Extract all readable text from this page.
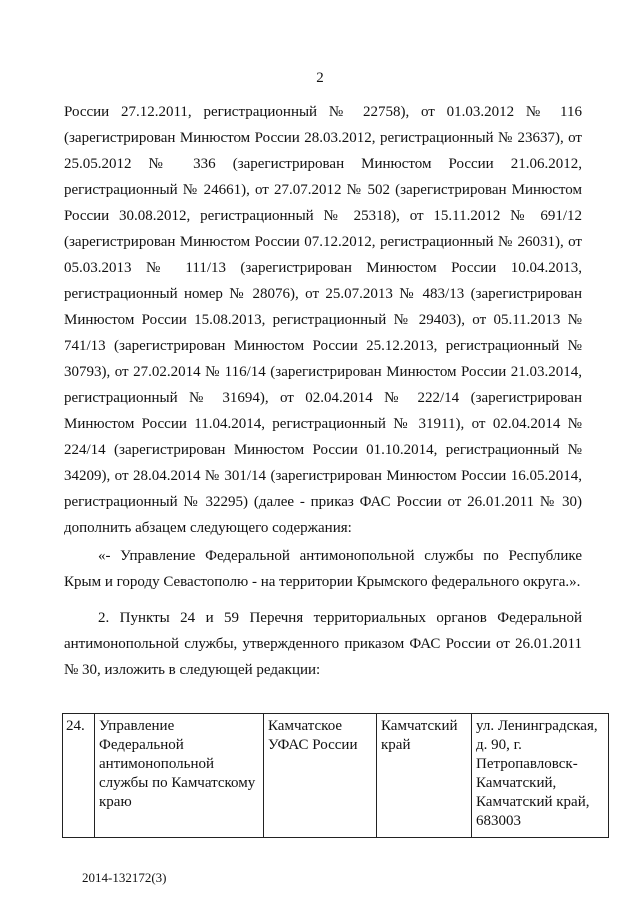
2

России 27.12.2011, регистрационный № 22758), от 01.03.2012 № 116 (зарегистрирован Минюстом России 28.03.2012, регистрационный № 23637), от 25.05.2012 № 336 (зарегистрирован Минюстом России 21.06.2012, регистрационный № 24661), от 27.07.2012 № 502 (зарегистрирован Минюстом России 30.08.2012, регистрационный № 25318), от 15.11.2012 № 691/12 (зарегистрирован Минюстом России 07.12.2012, регистрационный № 26031), от 05.03.2013 № 111/13 (зарегистрирован Минюстом России 10.04.2013, регистрационный номер № 28076), от 25.07.2013 № 483/13 (зарегистрирован Минюстом России 15.08.2013, регистрационный № 29403), от 05.11.2013 № 741/13 (зарегистрирован Минюстом России 25.12.2013, регистрационный № 30793), от 27.02.2014 № 116/14 (зарегистрирован Минюстом России 21.03.2014, регистрационный № 31694), от 02.04.2014 № 222/14 (зарегистрирован Минюстом России 11.04.2014, регистрационный № 31911), от 02.04.2014 № 224/14 (зарегистрирован Минюстом России 01.10.2014, регистрационный № 34209), от 28.04.2014 № 301/14 (зарегистрирован Минюстом России 16.05.2014, регистрационный № 32295) (далее - приказ ФАС России от 26.01.2011 № 30) дополнить абзацем следующего содержания:

«- Управление Федеральной антимонопольной службы по Республике Крым и городу Севастополю - на территории Крымского федерального округа.».

2. Пункты 24 и 59 Перечня территориальных органов Федеральной антимонопольной службы, утвержденного приказом ФАС России от 26.01.2011 № 30, изложить в следующей редакции:

24.	Управление
Федеральной
антимонопольной
службы по Камчатскому
краю

Камчатское
УФАС России

Камчатский
край

ул. Ленинградская,
д. 90, г.
Петропавловск-
Камчатский,
Камчатский край,
683003
2014-132172(3)
